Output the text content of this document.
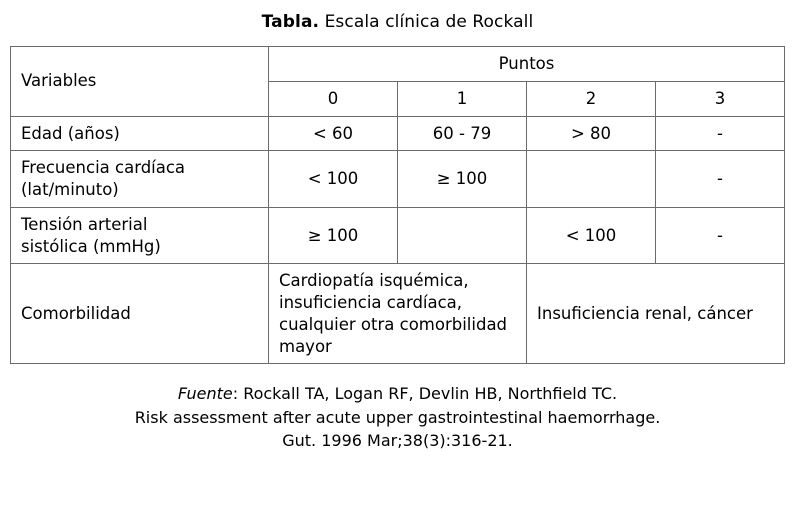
Tabla. Escala clínica de Rockall
Variables	Puntos			
	0	1	2	3
Edad (años)	< 60	60 - 79	> 80	-
Frecuencia cardíaca
(lat/minuto)	< 100	≥ 100		-
Tensión arterial
sistólica (mmHg)	≥ 100		< 100	-
Comorbilidad	Cardiopatía isquémica, insuficiencia cardíaca, cualquier otra comorbilidad mayor		Insuficiencia renal, cáncer	
Fuente: Rockall TA, Logan RF, Devlin HB, Northfield TC.
Risk assessment after acute upper gastrointestinal haemorrhage.
Gut. 1996 Mar;38(3):316-21.
